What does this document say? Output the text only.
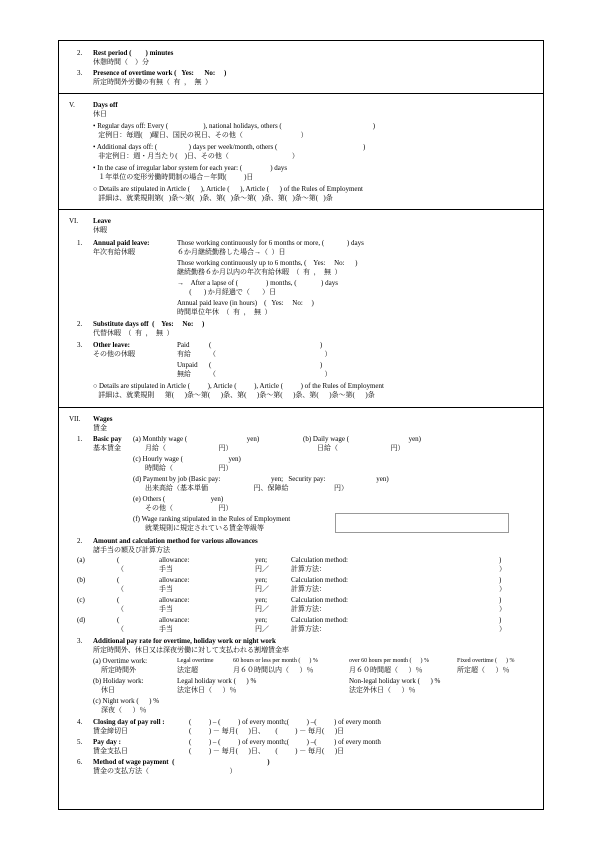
2. Rest period (        ) minutes
休憩時間（    ）分
3. Presence of overtime work (   Yes:      No:     )
所定時間外労働の有無（  有  ，  無  ）
V.	Days off
休日
• Regular days off: Every (                    ), national holidays, others (                                                    )
定例日：毎週(    )曜日、国民の祝日、その他（                                 ）
• Additional days off: (                  ) days per week/month, others (                                                 )
非定例日：週・月当たり(    )日、その他（                                    ）
• In the case of irregular labor system for each year: (                ) days
１年単位の変形労働時間制の場合－年間(          )日
○ Details are stipulated in Article (      ), Article (      ), Article (      ) of the Rules of Employment
詳細は、就業規則第(   )条～第(   )条、第(   )条～第(   )条、第(   )条～第(   )条
VI. Leave
休暇
1. Annual paid leave:
年次有給休暇
Those working continuously for 6 months or more, (             ) days
６か月継続勤務した場合→（  ）日
Those working continuously up to 6 months, (    Yes:     No:      )
継続勤務６か月以内の年次有給休暇  （  有  ，  無  ）
→    After a lapse of (                ) months, (              ) days
(       ) か月経過で（       ）日
Annual paid leave (in hours)    (   Yes:     No:     )
時間単位年休  （  有  ，  無  ）
2. Substitute days off  (    Yes:     No:     )
代替休暇  （  有  ，  無  ）
3. Other leave:
その他の休暇
Paid	(                                                              )
有給	（                                                              ）
Unpaid (                                                              )
無給	（                                                              ）
○ Details are stipulated in Article (          ), Article (          ), Article (          ) of the Rules of Employment
詳細は、就業規則      第(      )条～第(      )条、第(      )条～第(      )条、第(      )条～第(      )条
VII. Wages
賃金
1. Basic pay
基本賃金
(a) Monthly wage (                                  yen)
月給（                              円）
(b) Daily wage (                                  yen)
日給（                              円）
(c) Hourly wage (                          yen)
時間給（                          円）
(d) Payment by job (Basic pay:                             yen;   Security pay:                             yen)
出来高給（基本単価                          円、保障給                          円）
(e) Others (                          yen)
その他（                          円）
(f) Wage ranking stipulated in the Rules of Employment
就業規則に規定されている賃金等級等
2. Amount and calculation method for various allowances
諸手当の額及び計算方法
(a)	(	allowance:	yen;	Calculation method:	)
（	手当	円／	計算方法：	）
(b)	(	allowance:	yen;	Calculation method:	)
（	手当	円／	計算方法：	）
(c)	(	allowance:	yen;	Calculation method:	)
（	手当	円／	計算方法：	）
(d)	(	allowance:	yen;	Calculation method:	)
（	手当	円／	計算方法：	）
3. Additional pay rate for overtime, holiday work or night work
所定時間外、休日又は深夜労働に対して支払われる割増賃金率
(a) Overtime work:
所定時間外
Legal overtime
法定超
60 hours or less per month (      ) %
月６０時間以内（      ）％
over 60 hours per month (      ) %
月６０時間超（      ）％
Fixed overtime (      ) %
所定超（      ）％
(b) Holiday work:
休日
Legal holiday work (      ) %
法定休日（      ）％
Non-legal holiday work (      ) %
法定外休日（      ）％
(c) Night work (      ) %
深夜（      ）％
4. Closing day of pay roll :
賃金締切日
(          ) – (          ) of every month;(          ) –(          ) of every month
(          ) － 毎月(      )日、      (          ) － 毎月(      )日
5. Pay day :
賃金支払日
(          ) – (          ) of every month;(          ) –(          ) of every month
(          ) － 毎月(      )日、      (          ) － 毎月(      )日
6. Method of wage payment  (                                                     )
賃金の支払方法（                                              ）
